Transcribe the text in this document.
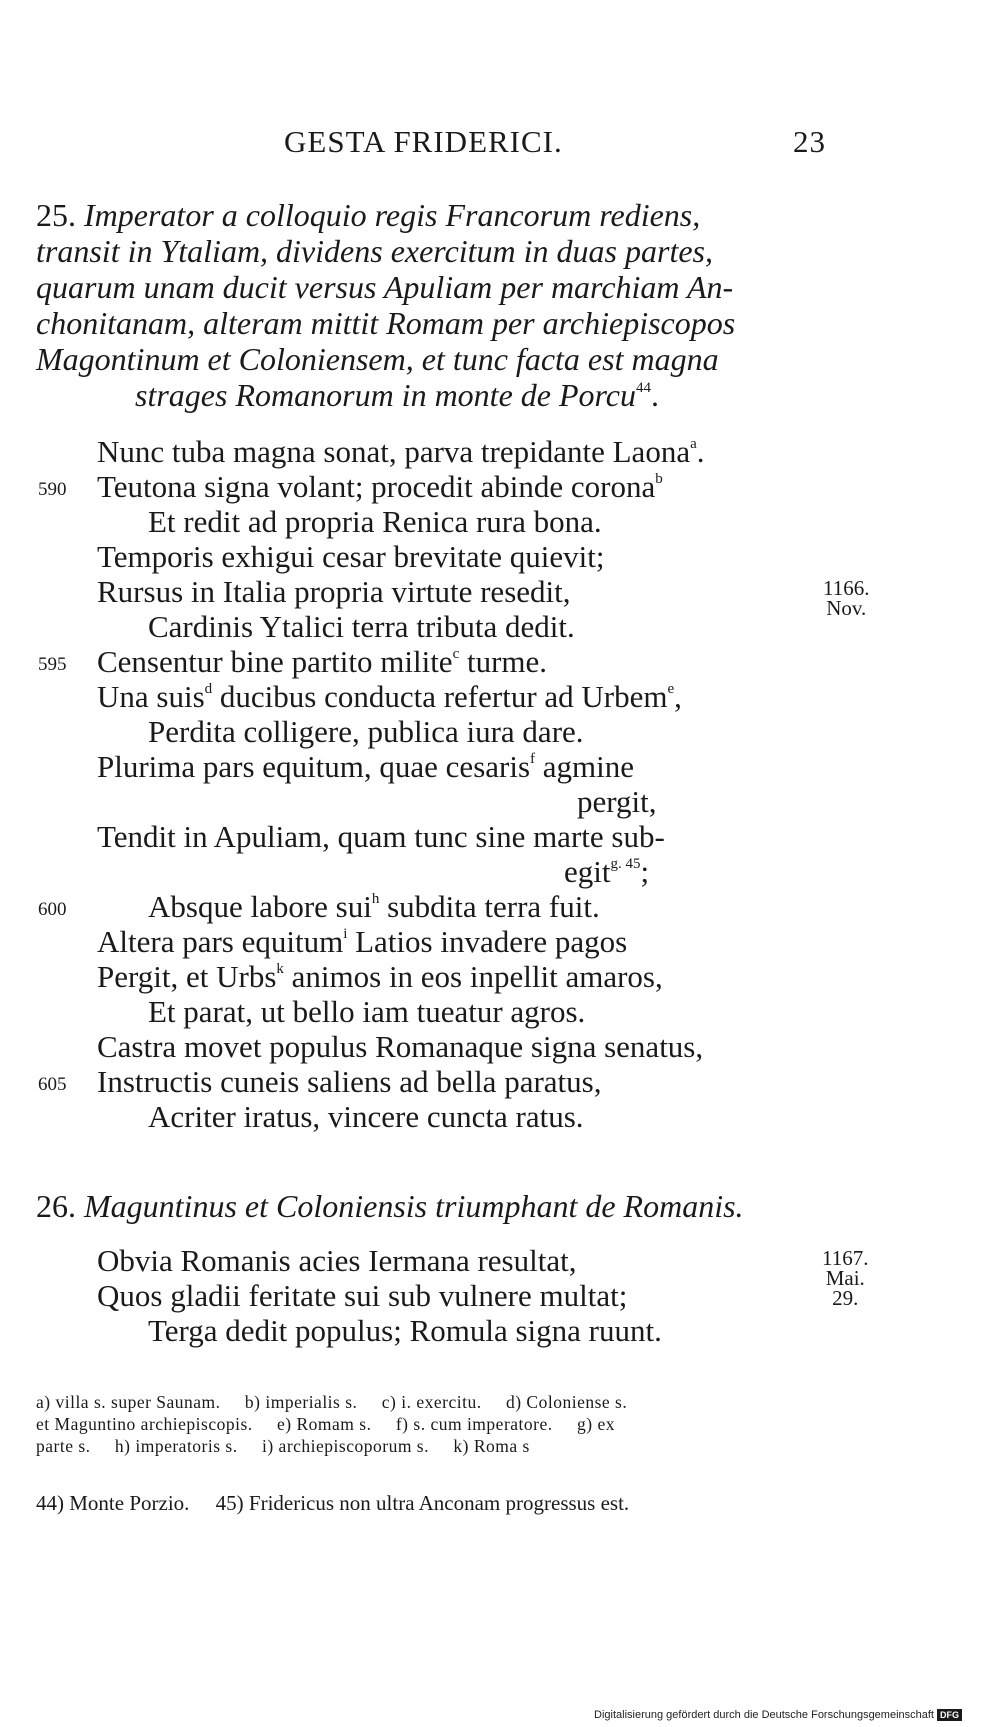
GESTA FRIDERICI.	23
25. Imperator a colloquio regis Francorum rediens,
transit in Ytaliam, dividens exercitum in duas partes,
quarum unam ducit versus Apuliam per marchiam An-
chonitanam, alteram mittit Romam per archiepiscopos
Magontinum et Coloniensem, et tunc facta est magna
strages Romanorum in monte de Porcu$^{44}$.
Nunc tuba magna sonat, parva trepidante Laona$^a$.
590 Teutona signa volant; procedit abinde corona$^b$
Et redit ad propria Renica rura bona.
Temporis exhigui cesar brevitate quievit;
Rursus in Italia propria virtute resedit,
Cardinis Ytalici terra tributa dedit.
595 Censentur bine partito milite$^c$ turme.
Una suis$^d$ ducibus conducta refertur ad Urbem$^e$,
Perdita colligere, publica iura dare.
Plurima pars equitum, quae cesaris$^f$ agmine
pergit,
Tendit in Apuliam, quam tunc sine marte sub-
egit$^{g. 45}$;
600	Absque labore sui$^h$ subdita terra fuit.
Altera pars equitum$^i$ Latios invadere pagos
Pergit, et Urbs$^k$ animos in eos inpellit amaros,
Et parat, ut bello iam tueatur agros.
Castra movet populus Romanaque signa senatus,
605 Instructis cuneis saliens ad bella paratus,
Acriter iratus, vincere cuncta ratus.
1166.
Nov.
26. Maguntinus et Coloniensis triumphant de Romanis.
Obvia Romanis acies Iermana resultat,
Quos gladii feritate sui sub vulnere multat;
Terga dedit populus; Romula signa ruunt.
1167.
Mai.
29.
a) villa s. super Saunam.     b) imperialis s.     c) i. exercitu.     d) Coloniense s.
et Maguntino archiepiscopis.     e) Romam s.     f) s. cum imperatore.     g) ex
parte s.     h) imperatoris s.     i) archiepiscoporum s.     k) Roma s
44) Monte Porzio.     45) Fridericus non ultra Anconam progressus est.
Digitalisierung gefördert durch die Deutsche Forschungsgemeinschaft DFG
